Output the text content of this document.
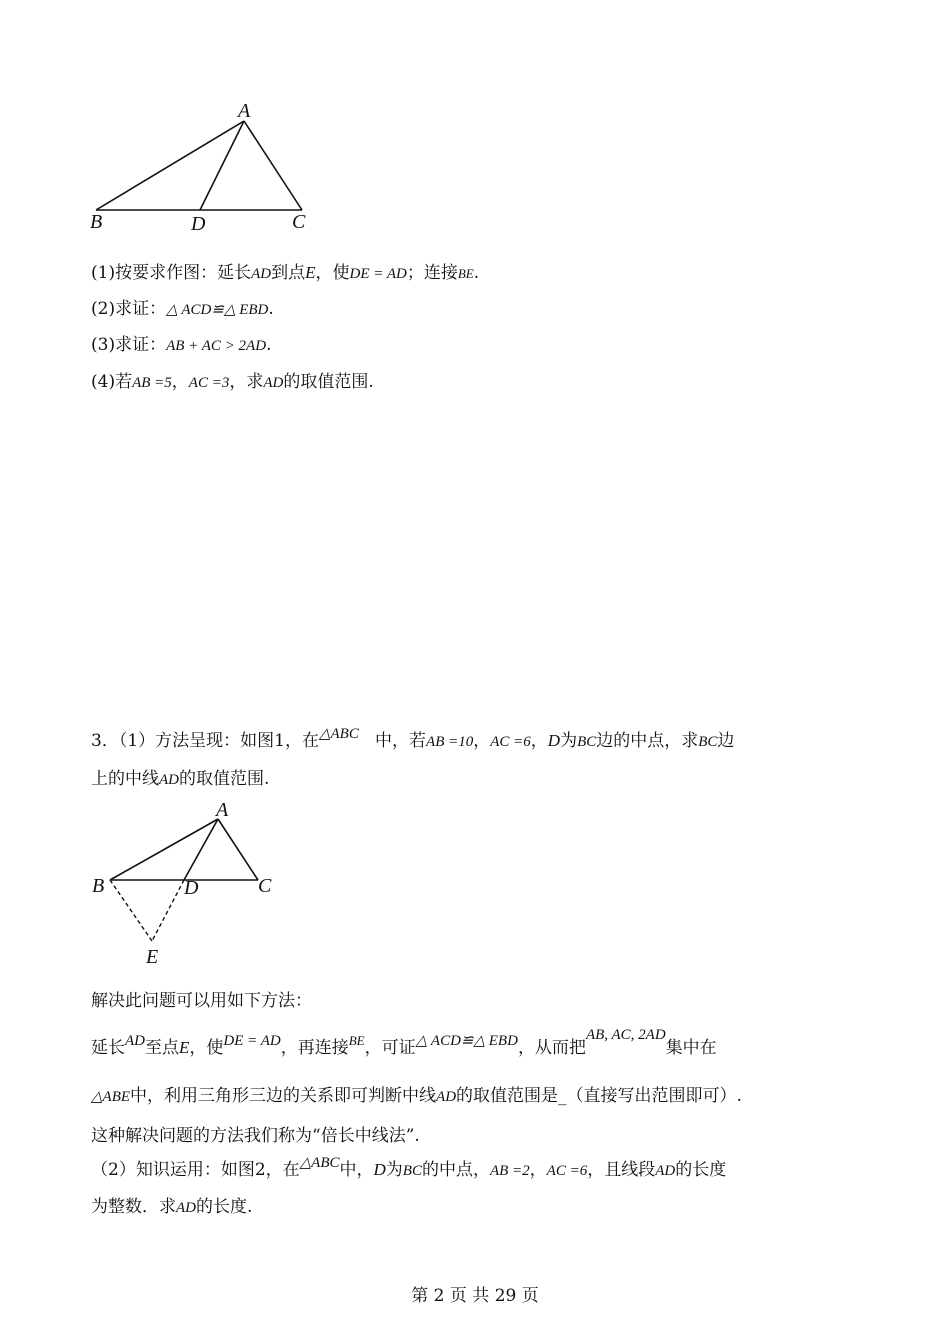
A
B	D	C
(1)按要求作图：延长AD到点E，使DE = AD；连接BE.
(2)求证：△ ACD≌△ EBD.
(3)求证：AB + AC > 2AD.
(4)若AB =5，AC =3，求AD的取值范围.
3．（1）方法呈现：如图1，在△ABC 中，若AB =10，AC =6，D为BC边的中点，求BC边
上的中线AD的取值范围.
A
B	D	C
E
解决此问题可以用如下方法：
延长AD至点E，使DE = AD，再连接$^{BE}$，可证△ ACD≌△ EBD，从而把AB, AC, 2AD集中在
△ABE中，利用三角形三边的关系即可判断中线AD的取值范围是_（直接写出范围即可）.
这种解决问题的方法我们称为“倍长中线法”.
（2）知识运用：如图2，在△ABC中，D为BC的中点，AB =2，AC =6，且线段AD的长度
为整数．求AD的长度.
第 2 页 共 29 页
